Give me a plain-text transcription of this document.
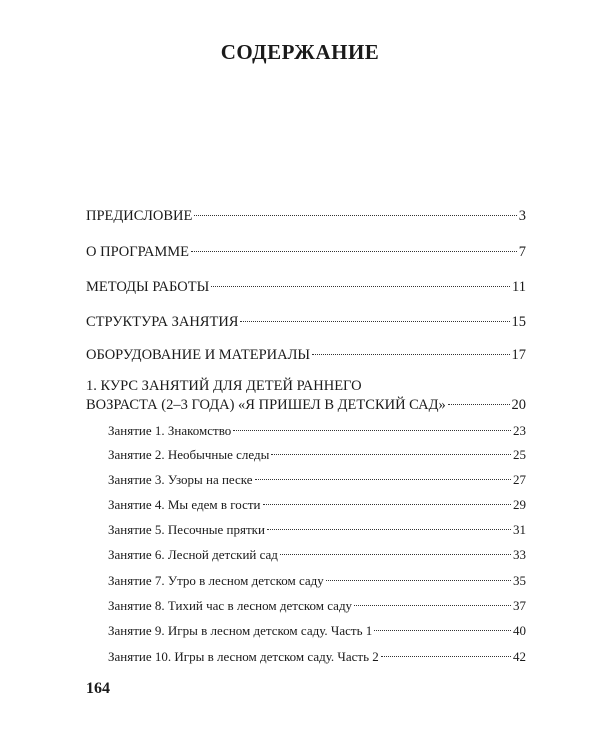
СОДЕРЖАНИЕ
ПРЕДИСЛОВИЕ	3
О ПРОГРАММЕ	7
МЕТОДЫ РАБОТЫ	11
СТРУКТУРА ЗАНЯТИЯ	15
ОБОРУДОВАНИЕ И МАТЕРИАЛЫ	17
1. КУРС ЗАНЯТИЙ ДЛЯ ДЕТЕЙ РАННЕГО
ВОЗРАСТА (2–3 ГОДА) «Я ПРИШЕЛ В ДЕТСКИЙ САД»	20
Занятие 1. Знакомство	23
Занятие 2. Необычные следы	25
Занятие 3. Узоры на песке	27
Занятие 4. Мы едем в гости	29
Занятие 5. Песочные прятки	31
Занятие 6. Лесной детский сад	33
Занятие 7. Утро в лесном детском саду	35
Занятие 8. Тихий час в лесном детском саду	37
Занятие 9. Игры в лесном детском саду. Часть 1	40
Занятие 10. Игры в лесном детском саду. Часть 2	42
164
